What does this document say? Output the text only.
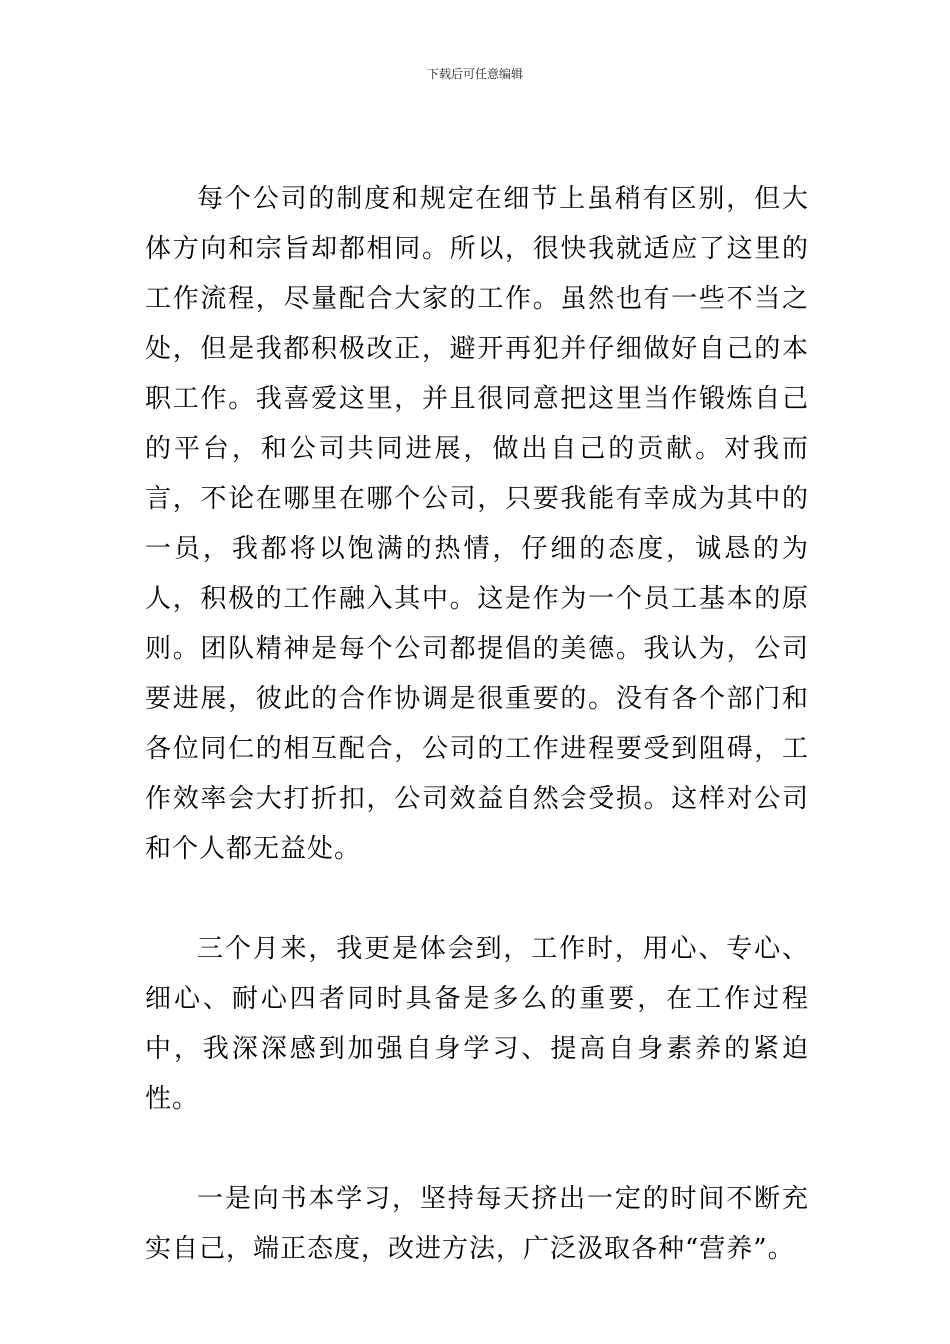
下载后可任意编辑

每个公司的制度和规定在细节上虽稍有区别，但大体方向和宗旨却都相同。所以，很快我就适应了这里的工作流程，尽量配合大家的工作。虽然也有一些不当之处，但是我都积极改正，避开再犯并仔细做好自己的本职工作。我喜爱这里，并且很同意把这里当作锻炼自己的平台，和公司共同进展，做出自己的贡献。对我而言，不论在哪里在哪个公司，只要我能有幸成为其中的一员，我都将以饱满的热情，仔细的态度，诚恳的为人，积极的工作融入其中。这是作为一个员工基本的原则。团队精神是每个公司都提倡的美德。我认为，公司要进展，彼此的合作协调是很重要的。没有各个部门和各位同仁的相互配合，公司的工作进程要受到阻碍，工作效率会大打折扣，公司效益自然会受损。这样对公司和个人都无益处。

三个月来，我更是体会到，工作时，用心、专心、细心、耐心四者同时具备是多么的重要，在工作过程中，我深深感到加强自身学习、提高自身素养的紧迫性。

一是向书本学习，坚持每天挤出一定的时间不断充实自己，端正态度，改进方法，广泛汲取各种“营养”。
